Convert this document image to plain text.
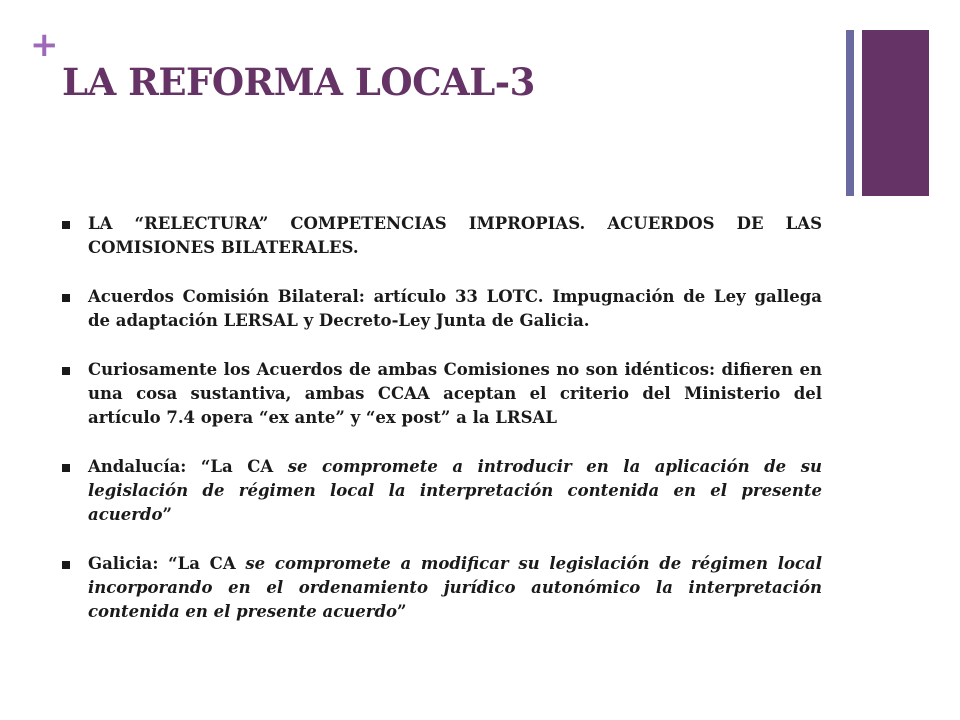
+
LA REFORMA LOCAL-3
LA “RELECTURA” COMPETENCIAS IMPROPIAS. ACUERDOS DE LAS COMISIONES BILATERALES.
Acuerdos Comisión Bilateral: artículo 33 LOTC. Impugnación de Ley gallega de adaptación LERSAL y Decreto-Ley Junta de Galicia.
Curiosamente los Acuerdos de ambas Comisiones no son idénticos: difieren en una cosa sustantiva, ambas CCAA aceptan el criterio del Ministerio del artículo 7.4 opera “ex ante” y “ex post” a la LRSAL
Andalucía: “La CA se compromete a introducir en la aplicación de su legislación de régimen local la interpretación contenida en el presente acuerdo”
Galicia: “La CA se compromete a modificar su legislación de régimen local incorporando en el ordenamiento jurídico autonómico la interpretación contenida en el presente acuerdo”
